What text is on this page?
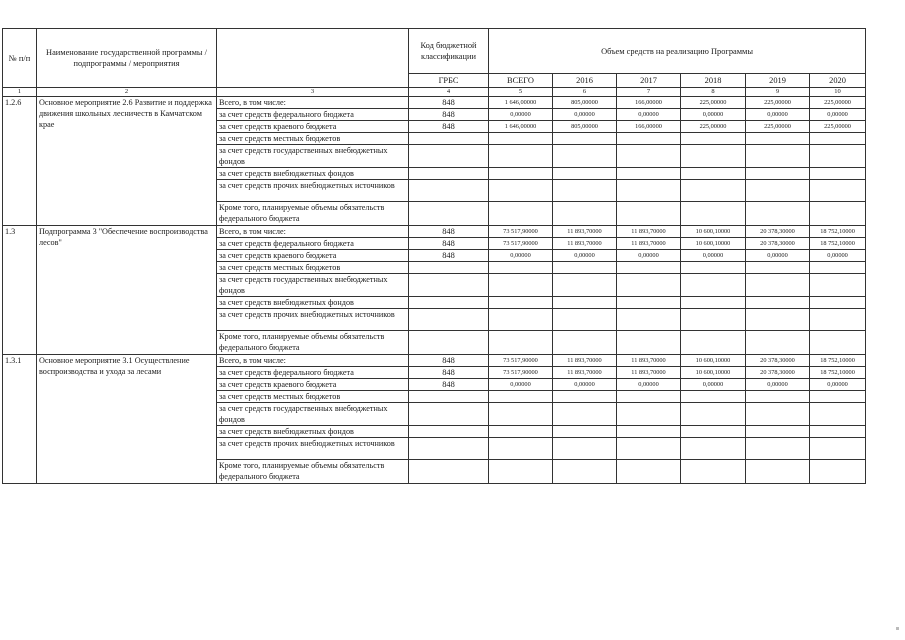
№ п/п	Наименование государственной программы / подпрограммы / мероприятия		Код бюджетной классификации	Объем средств на реализацию Программы					
			ГРБС	ВСЕГО	2016	2017	2018	2019	2020
1	2	3	4	5	6	7	8	9	10
1.2.6	Основное мероприятие 2.6 Развитие и поддержка движения школьных лесничеств в Камчатском крае	Всего, в том числе:	848	1 646,00000	805,00000	166,00000	225,00000	225,00000	225,00000
		за счет средств федерального бюджета	848	0,00000	0,00000	0,00000	0,00000	0,00000	0,00000
		за счет средств краевого бюджета	848	1 646,00000	805,00000	166,00000	225,00000	225,00000	225,00000
		за счет средств местных бюджетов							
		за счет средств государственных внебюджетных фондов							
		за счет средств внебюджетных фондов							
		за счет средств прочих внебюджетных источников							
		Кроме того, планируемые объемы обязательств федерального бюджета							
1.3	Подпрограмма 3 "Обеспечение воспроизводства лесов"	Всего, в том числе:	848	73 517,90000	11 893,70000	11 893,70000	10 600,10000	20 378,30000	18 752,10000
		за счет средств федерального бюджета	848	73 517,90000	11 893,70000	11 893,70000	10 600,10000	20 378,30000	18 752,10000
		за счет средств краевого бюджета	848	0,00000	0,00000	0,00000	0,00000	0,00000	0,00000
		за счет средств местных бюджетов							
		за счет средств государственных внебюджетных фондов							
		за счет средств внебюджетных фондов							
		за счет средств прочих внебюджетных источников							
		Кроме того, планируемые объемы обязательств федерального бюджета							
1.3.1	Основное мероприятие 3.1 Осуществление воспроизводства и ухода за лесами	Всего, в том числе:	848	73 517,90000	11 893,70000	11 893,70000	10 600,10000	20 378,30000	18 752,10000
		за счет средств федерального бюджета	848	73 517,90000	11 893,70000	11 893,70000	10 600,10000	20 378,30000	18 752,10000
		за счет средств краевого бюджета	848	0,00000	0,00000	0,00000	0,00000	0,00000	0,00000
		за счет средств местных бюджетов							
		за счет средств государственных внебюджетных фондов							
		за счет средств внебюджетных фондов							
		за счет средств прочих внебюджетных источников							
		Кроме того, планируемые объемы обязательств федерального бюджета							
